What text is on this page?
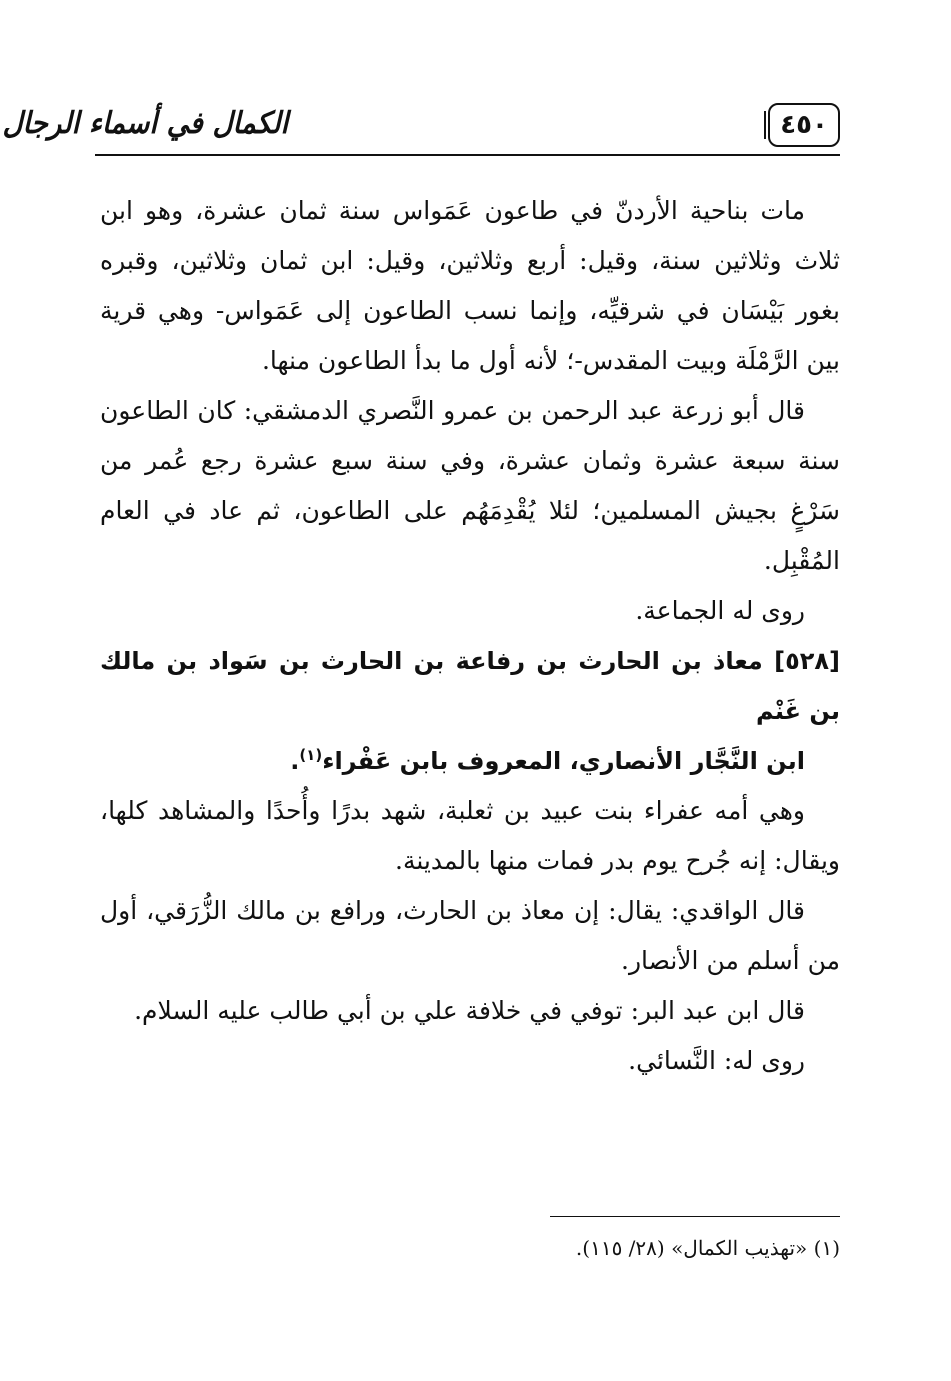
٤٥٠
الكمال في أسماء الرجال

مات بناحية الأردنّ في طاعون عَمَواس سنة ثمان عشرة، وهو ابن ثلاث وثلاثين سنة، وقيل: أربع وثلاثين، وقيل: ابن ثمان وثلاثين، وقبره بغور بَيْسَان في شرقيِّه، وإنما نسب الطاعون إلى عَمَواس- وهي قرية بين الرَّمْلَة وبيت المقدس-؛ لأنه أول ما بدأ الطاعون منها.

قال أبو زرعة عبد الرحمن بن عمرو النَّصري الدمشقي: كان الطاعون سنة سبعة عشرة وثمان عشرة، وفي سنة سبع عشرة رجع عُمر من سَرْغٍ بجيش المسلمين؛ لئلا يُقْدِمَهُم على الطاعون، ثم عاد في العام المُقْبِل.

روى له الجماعة.

[٥٢٨] معاذ بن الحارث بن رفاعة بن الحارث بن سَواد بن مالك بن غَنْم
ابن النَّجَّار الأنصاري، المعروف بابن عَفْراء$^{(١)}$.

وهي أمه عفراء بنت عبيد بن ثعلبة، شهد بدرًا وأُحدًا والمشاهد كلها، ويقال: إنه جُرح يوم بدر فمات منها بالمدينة.

قال الواقدي: يقال: إن معاذ بن الحارث، ورافع بن مالك الزُّرَقي، أول من أسلم من الأنصار.

قال ابن عبد البر: توفي في خلافة علي بن أبي طالب عليه السلام.

روى له: النَّسائي.

(١) «تهذيب الكمال» (٢٨/ ١١٥).
